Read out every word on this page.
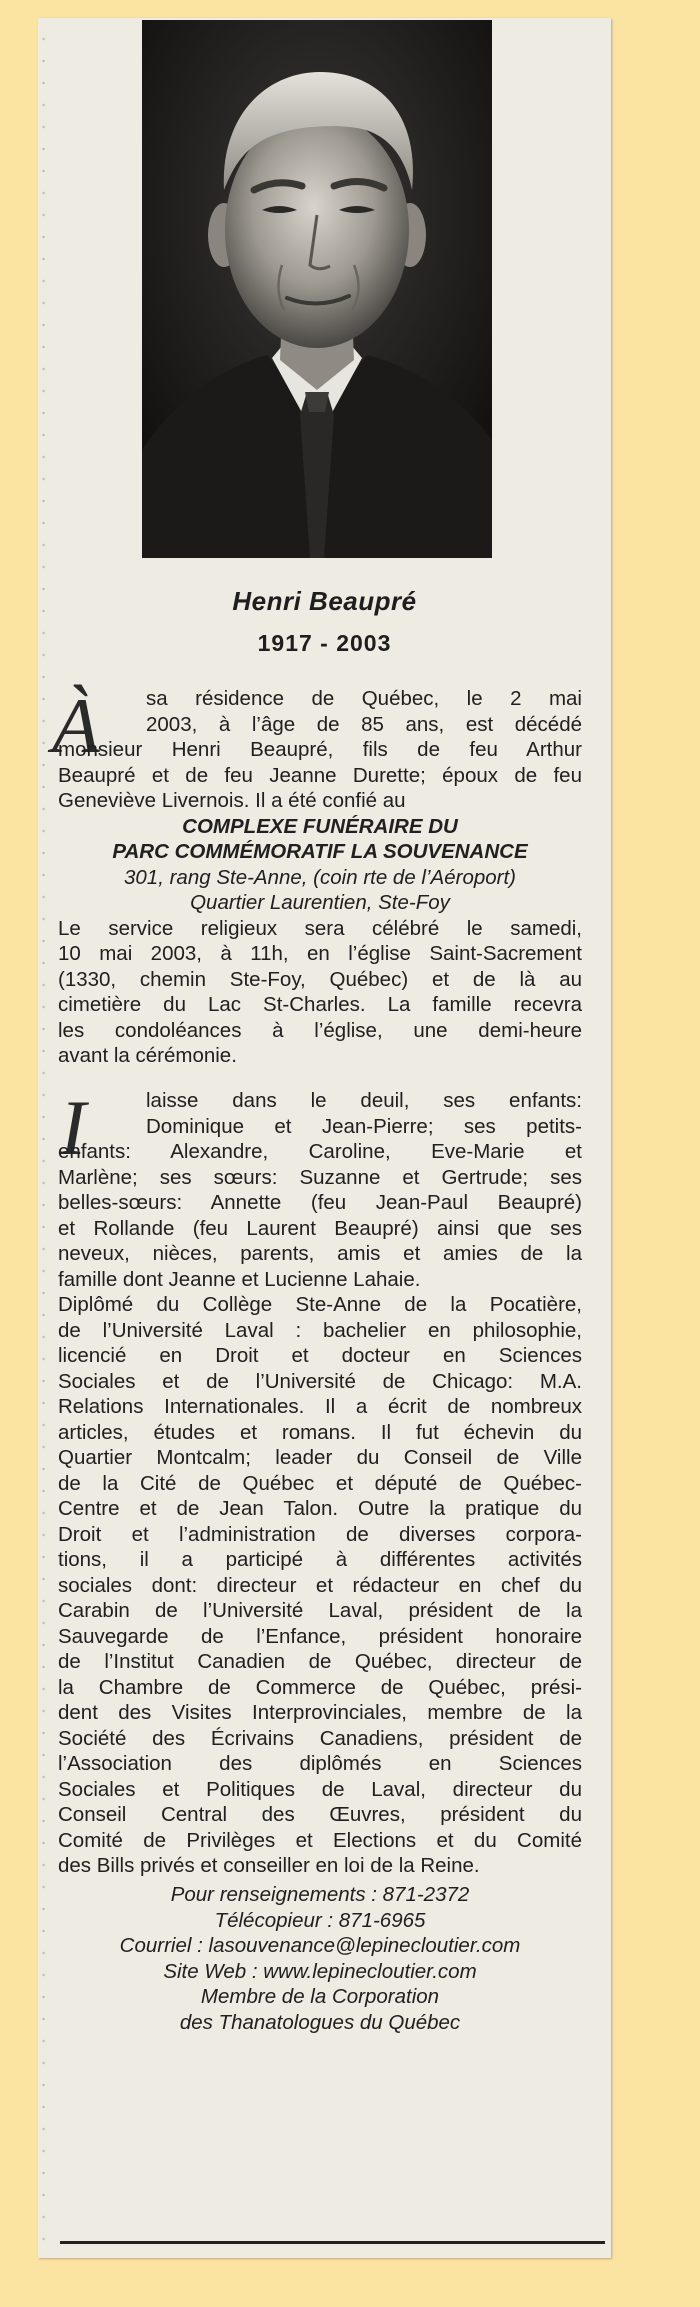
Henri Beaupré
1917 - 2003
À	sa résidence de Québec, le 2 mai
2003, à l’âge de 85 ans, est décédé
monsieur Henri Beaupré, fils de feu Arthur
Beaupré et de feu Jeanne Durette; époux de feu
Geneviève Livernois. Il a été confié au
COMPLEXE FUNÉRAIRE DU
PARC COMMÉMORATIF LA SOUVENANCE
301, rang Ste-Anne, (coin rte de l’Aéroport)
Quartier Laurentien, Ste-Foy
Le service religieux sera célébré le samedi,
10 mai 2003, à 11h, en l’église Saint-Sacrement
(1330, chemin Ste-Foy, Québec) et de là au
cimetière du Lac St-Charles. La famille recevra
les condoléances à l’église, une demi-heure
avant la cérémonie.
I	laisse dans le deuil, ses enfants:
Dominique et Jean-Pierre; ses petits-
enfants: Alexandre, Caroline, Eve-Marie et
Marlène; ses sœurs: Suzanne et Gertrude; ses
belles-sœurs: Annette (feu Jean-Paul Beaupré)
et Rollande (feu Laurent Beaupré) ainsi que ses
neveux, nièces, parents, amis et amies de la
famille dont Jeanne et Lucienne Lahaie.
Diplômé du Collège Ste-Anne de la Pocatière,
de l’Université Laval : bachelier en philosophie,
licencié en Droit et docteur en Sciences
Sociales et de l’Université de Chicago: M.A.
Relations Internationales. Il a écrit de nombreux
articles, études et romans. Il fut échevin du
Quartier Montcalm; leader du Conseil de Ville
de la Cité de Québec et député de Québec-
Centre et de Jean Talon. Outre la pratique du
Droit et l’administration de diverses corpora-
tions, il a participé à différentes activités
sociales dont: directeur et rédacteur en chef du
Carabin de l’Université Laval, président de la
Sauvegarde de l’Enfance, président honoraire
de l’Institut Canadien de Québec, directeur de
la Chambre de Commerce de Québec, prési-
dent des Visites Interprovinciales, membre de la
Société des Écrivains Canadiens, président de
l’Association des diplômés en Sciences
Sociales et Politiques de Laval, directeur du
Conseil Central des Œuvres, président du
Comité de Privilèges et Elections et du Comité
des Bills privés et conseiller en loi de la Reine.
Pour renseignements : 871-2372
Télécopieur : 871-6965
Courriel : lasouvenance@lepinecloutier.com
Site Web : www.lepinecloutier.com
Membre de la Corporation
des Thanatologues du Québec
